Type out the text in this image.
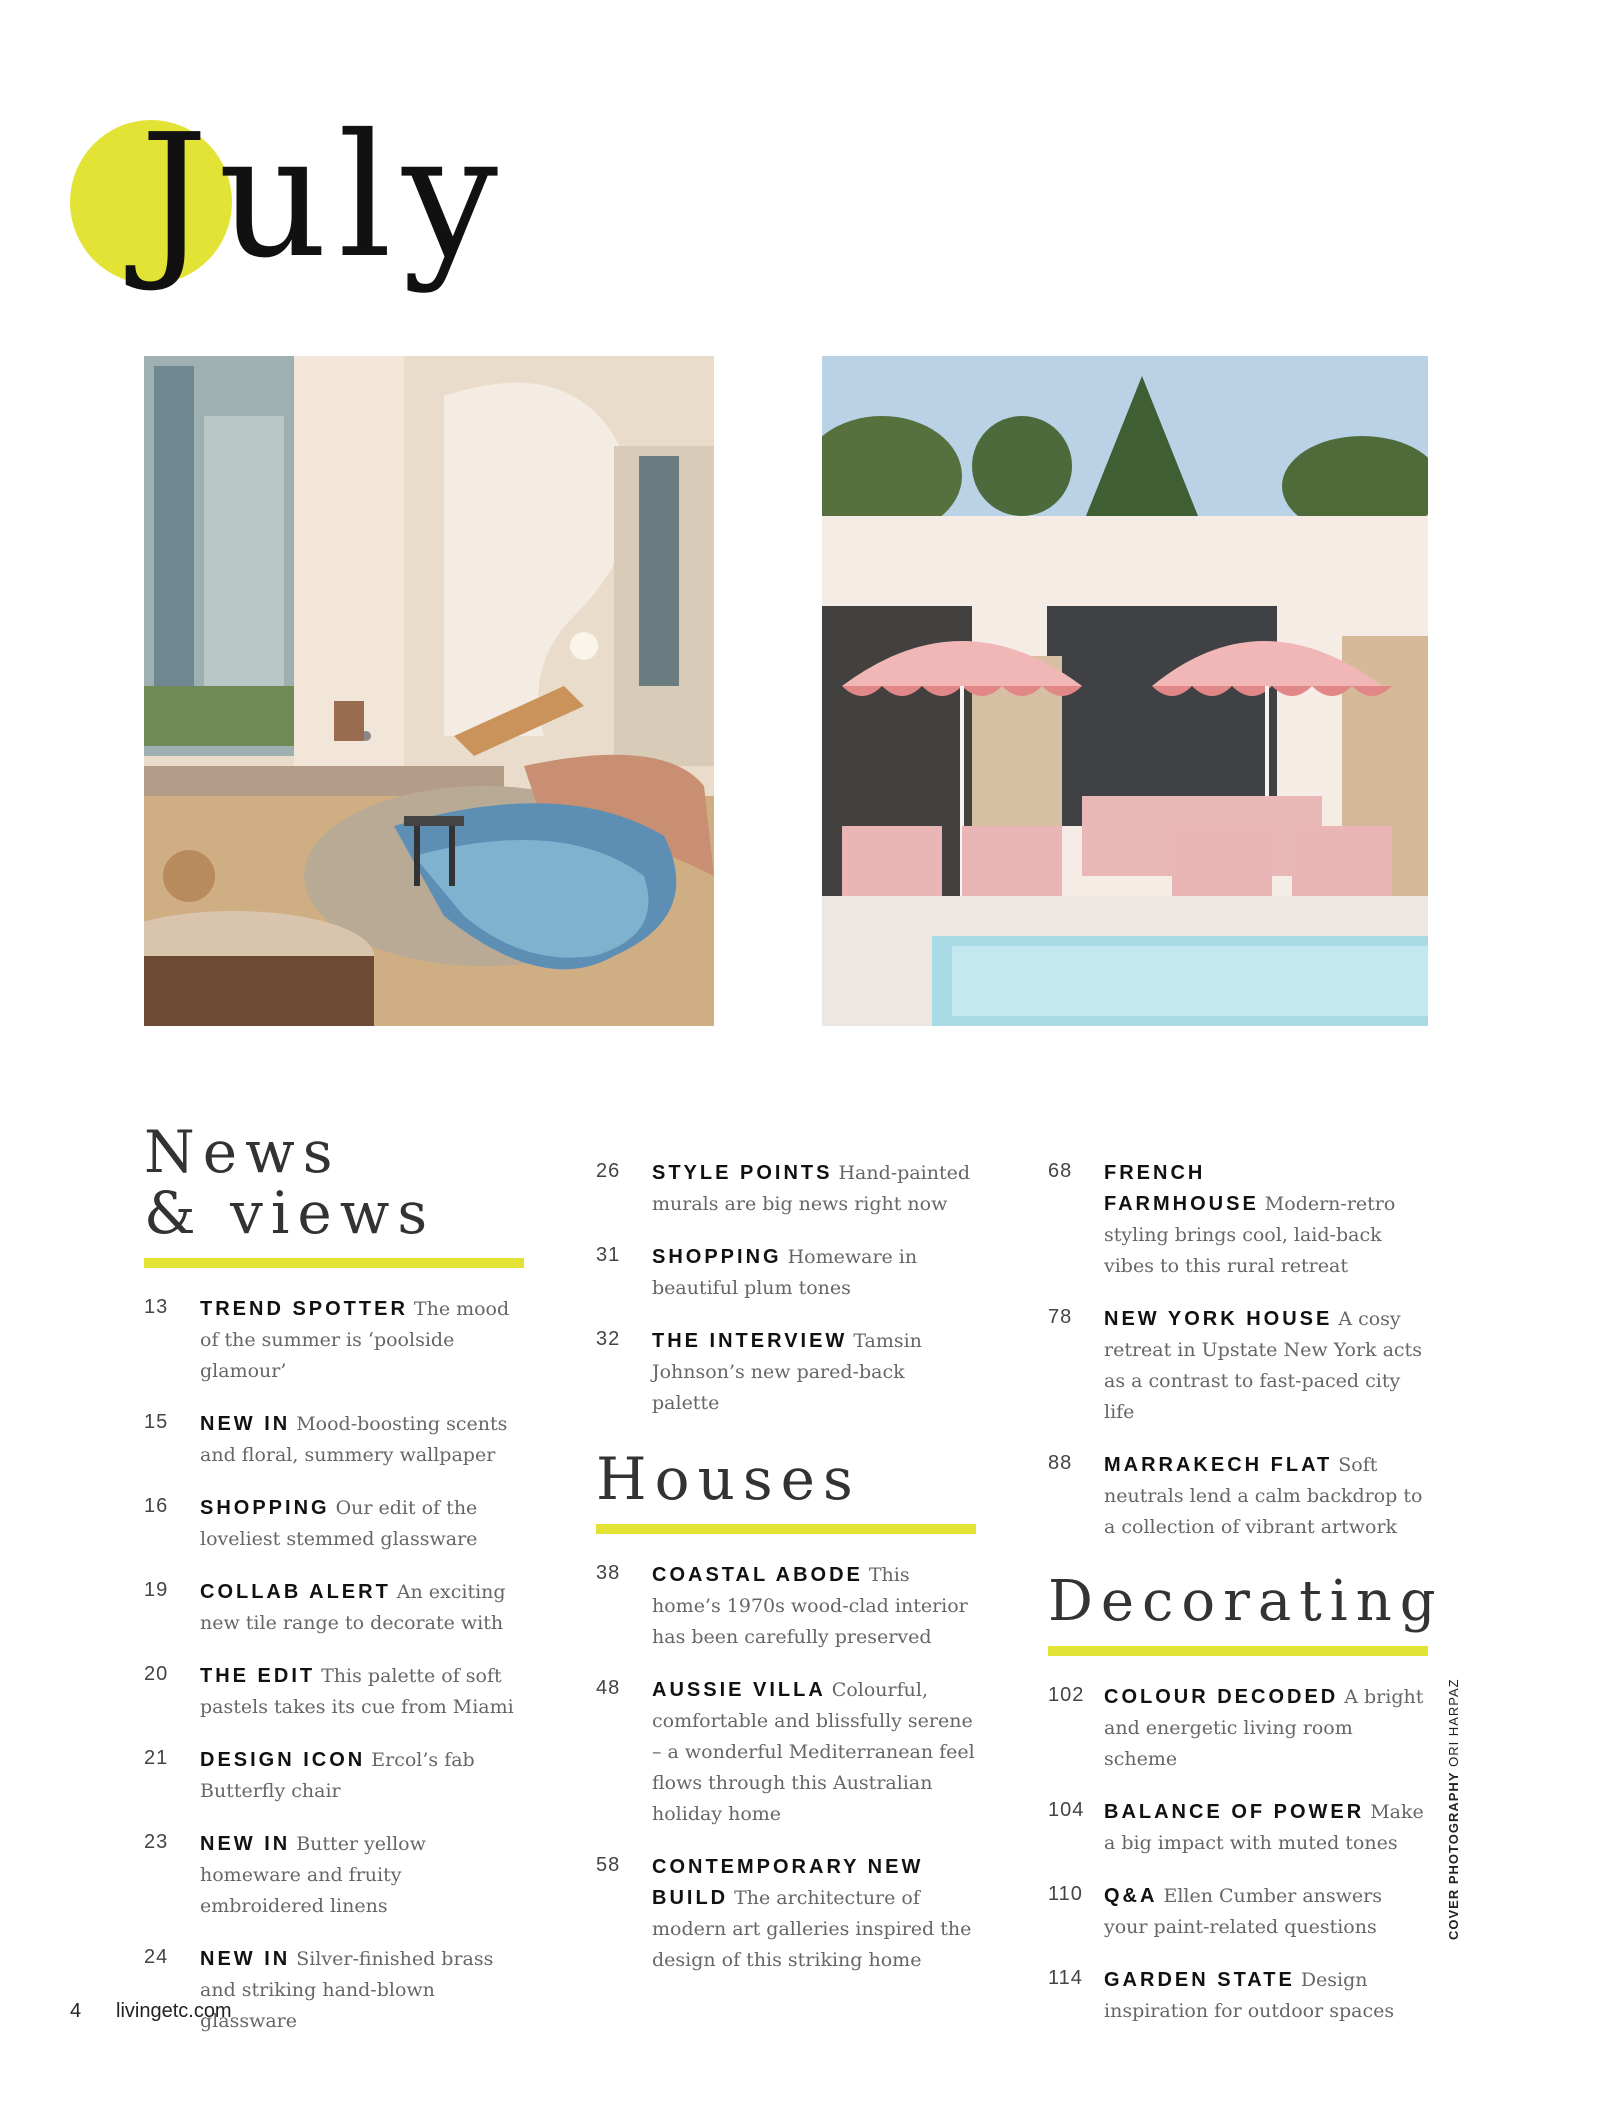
July
News
& views
13	TREND SPOTTER The mood of the summer is ‘poolside glamour’
15	NEW IN Mood-boosting scents and floral, summery wallpaper
16	SHOPPING Our edit of the loveliest stemmed glassware
19	COLLAB ALERT An exciting new tile range to decorate with
20	THE EDIT This palette of soft pastels takes its cue from Miami
21	DESIGN ICON Ercol’s fab Butterfly chair
23	NEW IN Butter yellow homeware and fruity embroidered linens
24	NEW IN Silver-finished brass and striking hand-blown glassware
26	STYLE POINTS Hand-painted murals are big news right now
31	SHOPPING Homeware in beautiful plum tones
32	THE INTERVIEW Tamsin Johnson’s new pared-back palette
Houses
38	COASTAL ABODE This home’s 1970s wood-clad interior has been carefully preserved
48	AUSSIE VILLA Colourful, comfortable and blissfully serene – a wonderful Mediterranean feel flows through this Australian holiday home
58	CONTEMPORARY NEW BUILD The architecture of modern art galleries inspired the design of this striking home
68	FRENCH FARMHOUSE Modern-retro styling brings cool, laid-back vibes to this rural retreat
78	NEW YORK HOUSE A cosy retreat in Upstate New York acts as a contrast to fast-paced city life
88	MARRAKECH FLAT Soft neutrals lend a calm backdrop to a collection of vibrant artwork
Decorating
102 COLOUR DECODED A bright and energetic living room scheme
104 BALANCE OF POWER Make a big impact with muted tones
110	Q&A Ellen Cumber answers your paint-related questions
114	GARDEN STATE Design inspiration for outdoor spaces
COVER PHOTOGRAPHY ORI HARPAZ
4 livingetc.com
